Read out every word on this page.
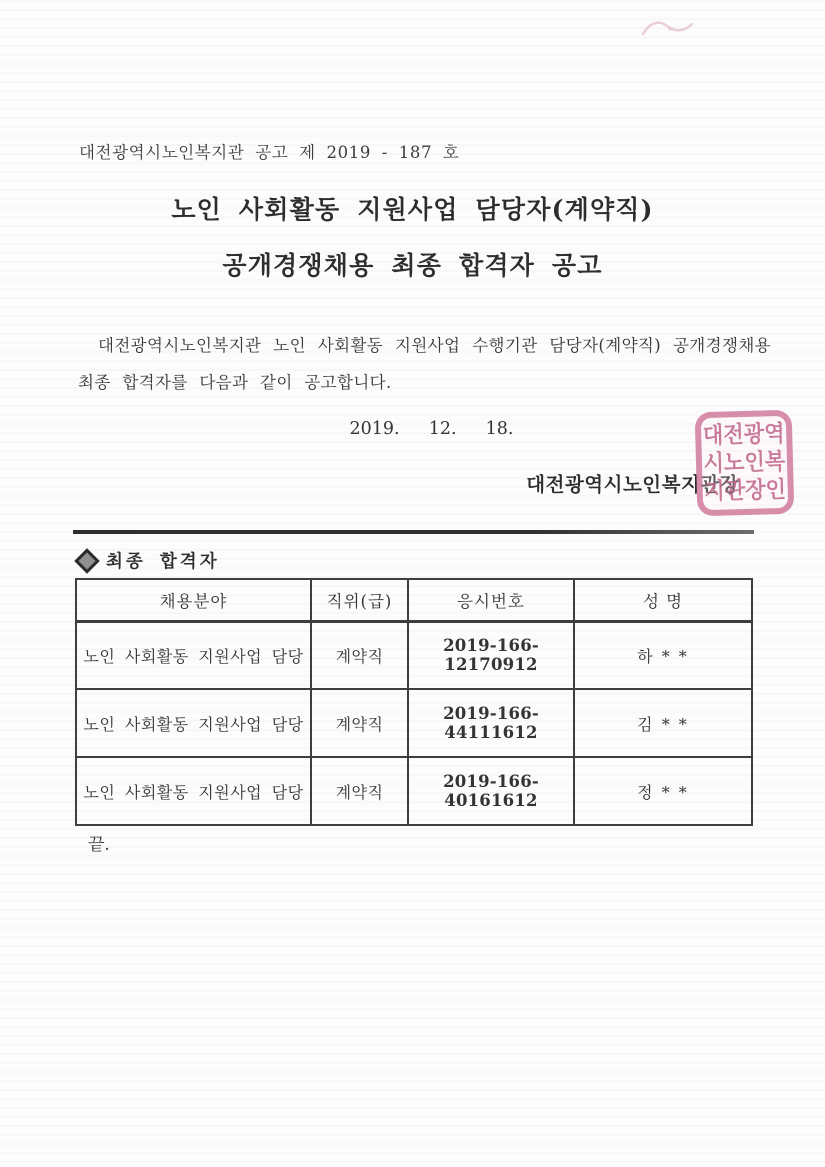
대전광역시노인복지관 공고 제 2019 - 187 호
노인 사회활동 지원사업 담당자(계약직)
공개경쟁채용 최종 합격자 공고
대전광역시노인복지관 노인 사회활동 지원사업 수행기관 담당자(계약직) 공개경쟁채용 최종 합격자를 다음과 같이 공고합니다.
2019.  12.  18.
대전광역시노인복지관장
대전광역
시노인복
지관장인
최종 합격자
채용분야	직위(급)	응시번호	성 명
노인 사회활동 지원사업 담당	계약직	2019-166-12170912	하 * *
노인 사회활동 지원사업 담당	계약직	2019-166-44111612	김 * *
노인 사회활동 지원사업 담당	계약직	2019-166-40161612	정 * *
끝.
